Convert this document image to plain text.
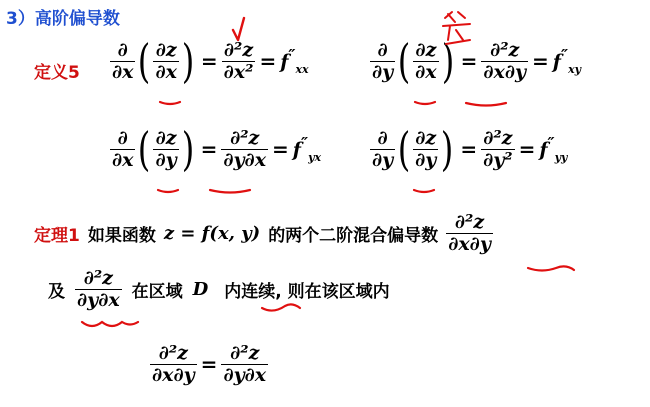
3）高阶偏导数
定义$5 \frac{\partial}{\partial x}$ ( $\frac{\partial z}{\partial x}$ ) = $\frac{\text{∂²z}}{\text{∂x²}} = f''_{xx}$	$\frac{\partial}{\partial y}$ ( $\frac{\partial z}{\partial x}$ ) = $\frac{\text{∂²z}}{\partial x\partial y} = f''_{xy}$
$\frac{\partial}{\partial x}$ ( $\frac{\partial z}{\partial y}$ ) = $\frac{\text{∂²z}}{\partial y\partial x} = f''_{yx}$	$\frac{\partial}{\partial y}$ ( $\frac{\partial z}{\partial y}$ ) = $\frac{\text{∂²z}}{\text{∂y²}} = f''_{yy}$
定理1 如果函数 z = f(x, y) 的两个二阶混合偏导数 $\frac{\text{∂²z}}{\partial x\partial y}$
及 $\frac{\text{∂²z}}{\partial y\partial x}$ 在区域 D 内连续, 则在该区域内
$\frac{\text{∂²z}}{\partial x\partial y} = \frac{\text{∂²z}}{\partial y\partial x}$
